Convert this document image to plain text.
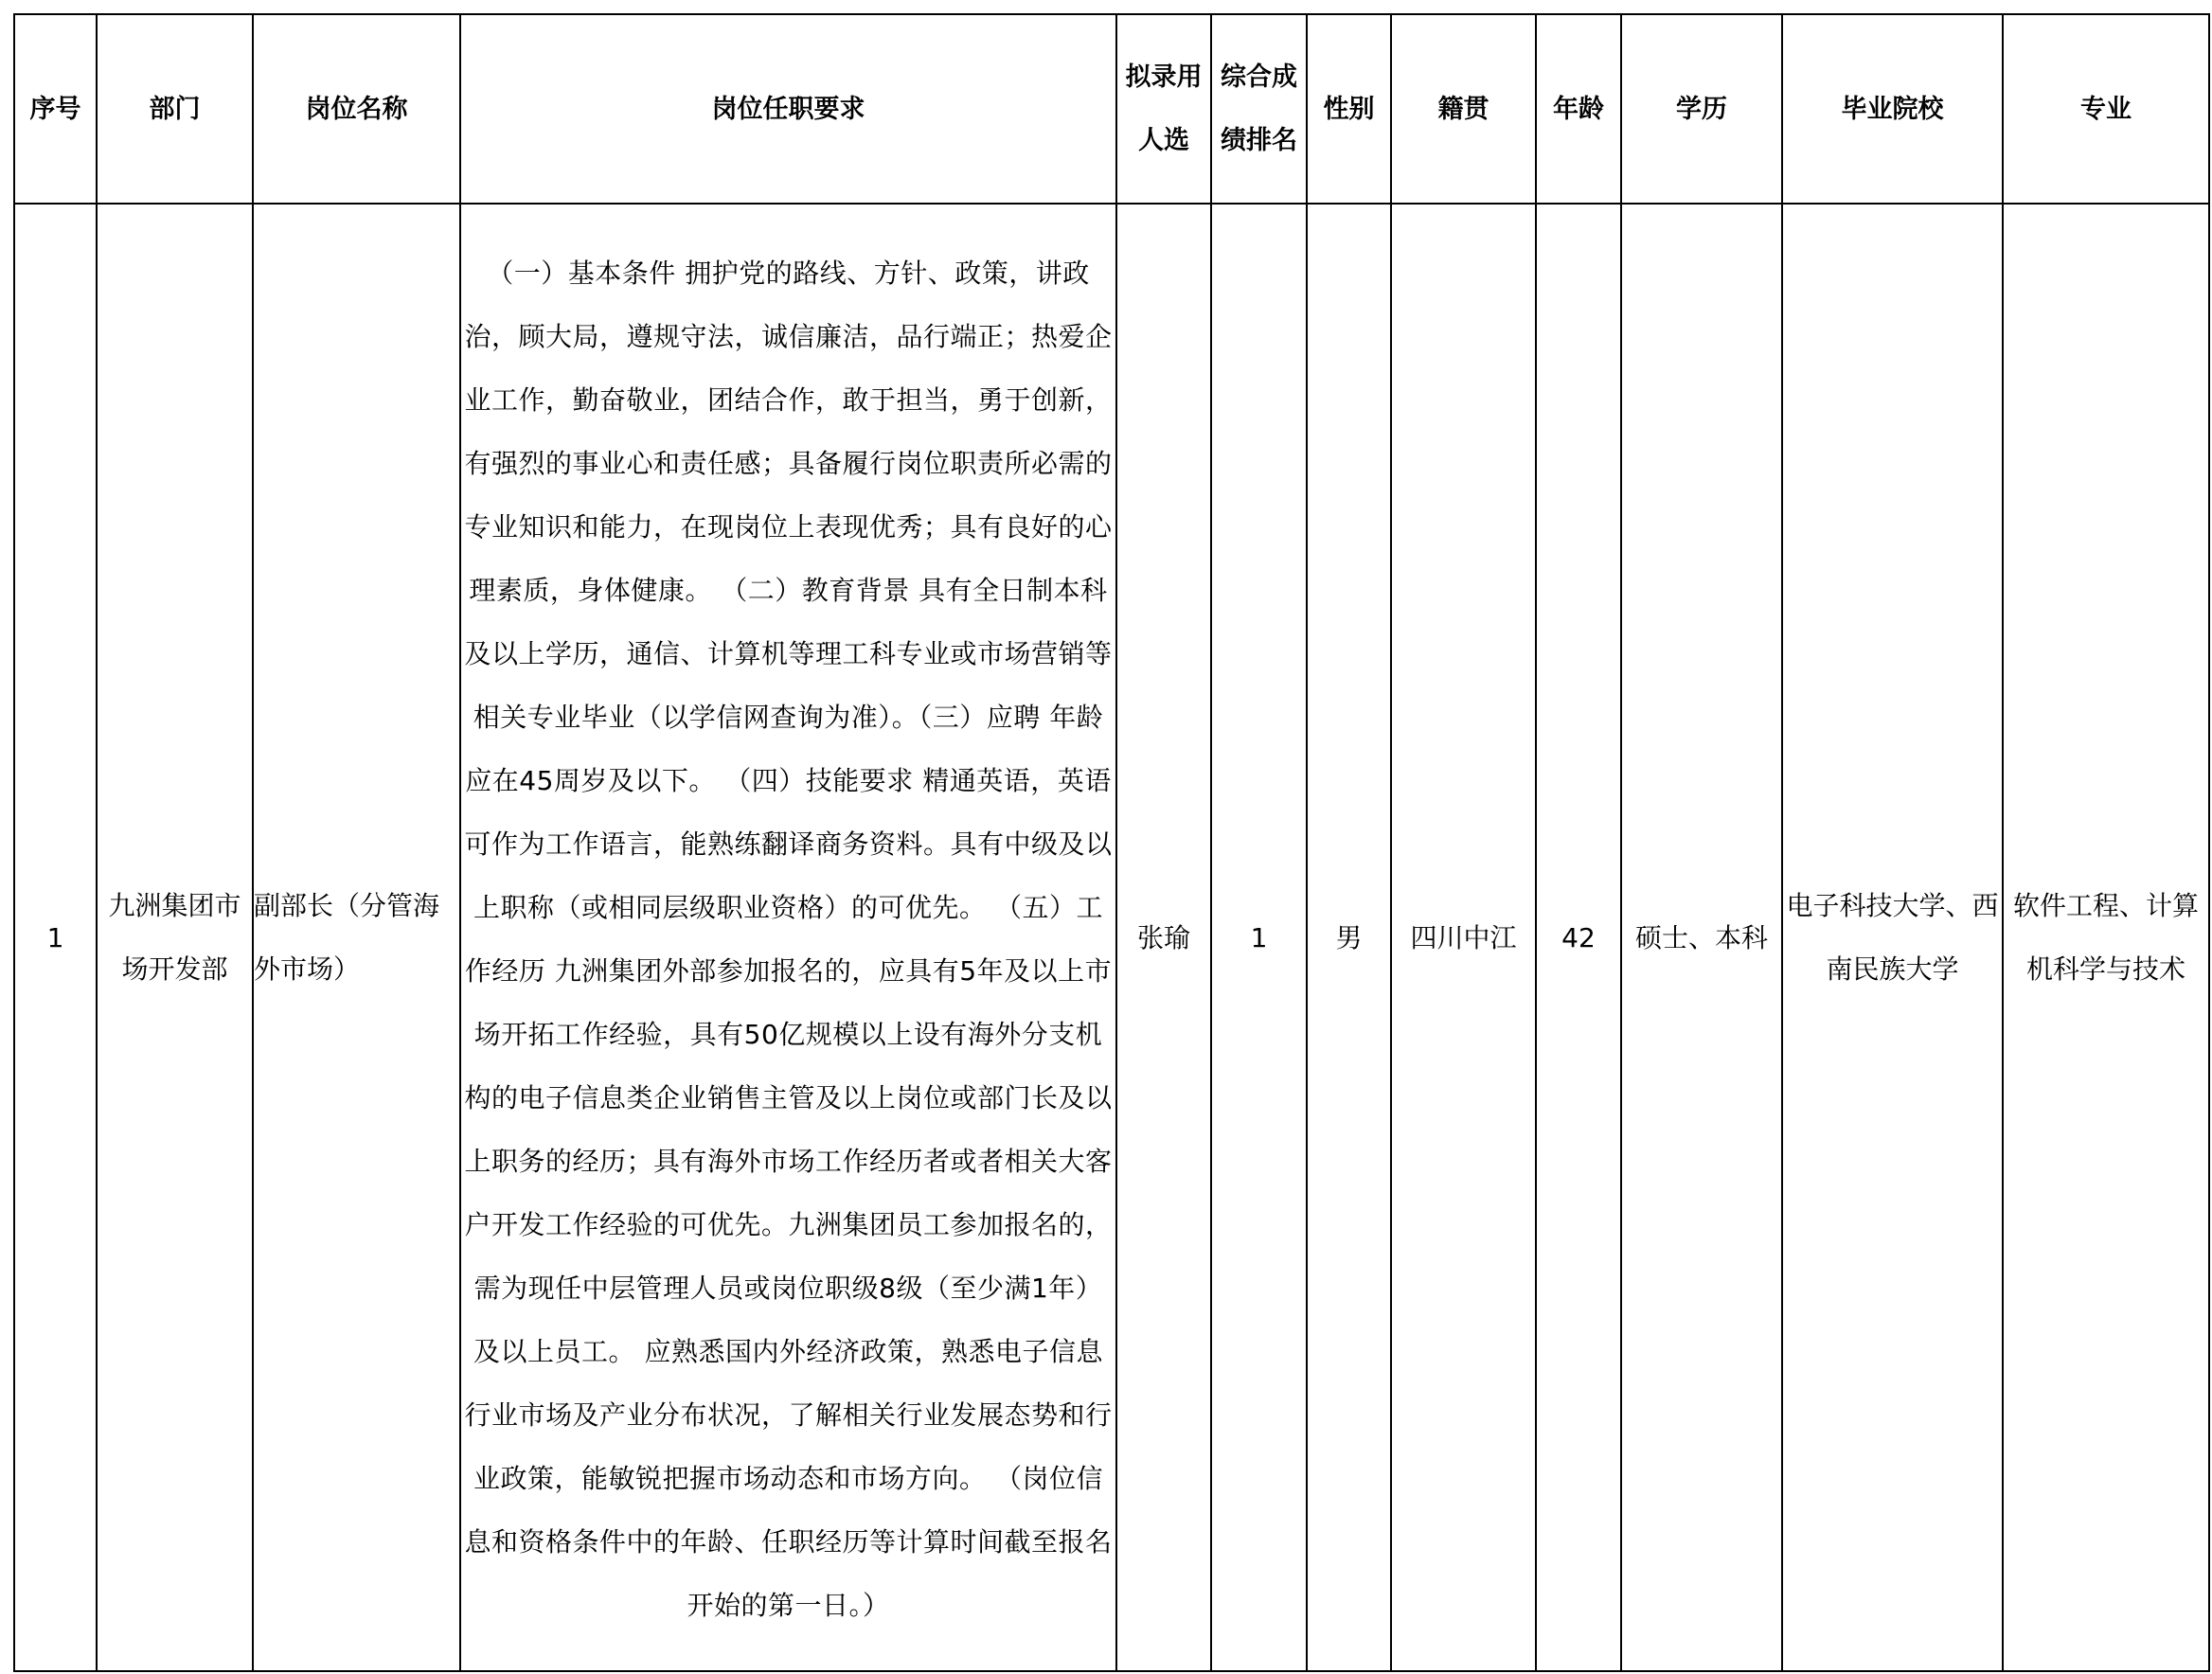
序号	部门	岗位名称	岗位任职要求	拟录用人选	综合成绩排名	性别	籍贯	年龄	学历	毕业院校	专业
1	九洲集团市场开发部	副部长（分管海外市场）	（一）基本条件 拥护党的路线、方针、政策，讲政治，顾大局，遵规守法，诚信廉洁，品行端正；热爱企业工作，勤奋敬业，团结合作，敢于担当，勇于创新，有强烈的事业心和责任感；具备履行岗位职责所必需的专业知识和能力，在现岗位上表现优秀；具有良好的心理素质，身体健康。 （二）教育背景 具有全日制本科及以上学历，通信、计算机等理工科专业或市场营销等相关专业毕业（以学信网查询为准）。（三）应聘 年龄应在45周岁及以下。 （四）技能要求 精通英语，英语可作为工作语言，能熟练翻译商务资料。具有中级及以上职称（或相同层级职业资格）的可优先。 （五）工作经历 九洲集团外部参加报名的，应具有5年及以上市场开拓工作经验，具有50亿规模以上设有海外分支机构的电子信息类企业销售主管及以上岗位或部门长及以上职务的经历；具有海外市场工作经历者或者相关大客户开发工作经验的可优先。九洲集团员工参加报名的，需为现任中层管理人员或岗位职级8级（至少满1年）及以上员工。 应熟悉国内外经济政策，熟悉电子信息行业市场及产业分布状况，了解相关行业发展态势和行业政策，能敏锐把握市场动态和市场方向。 （岗位信息和资格条件中的年龄、任职经历等计算时间截至报名开始的第一日。）	张瑜	1	男	四川中江	42	硕士、本科	电子科技大学、西南民族大学	软件工程、计算机科学与技术
